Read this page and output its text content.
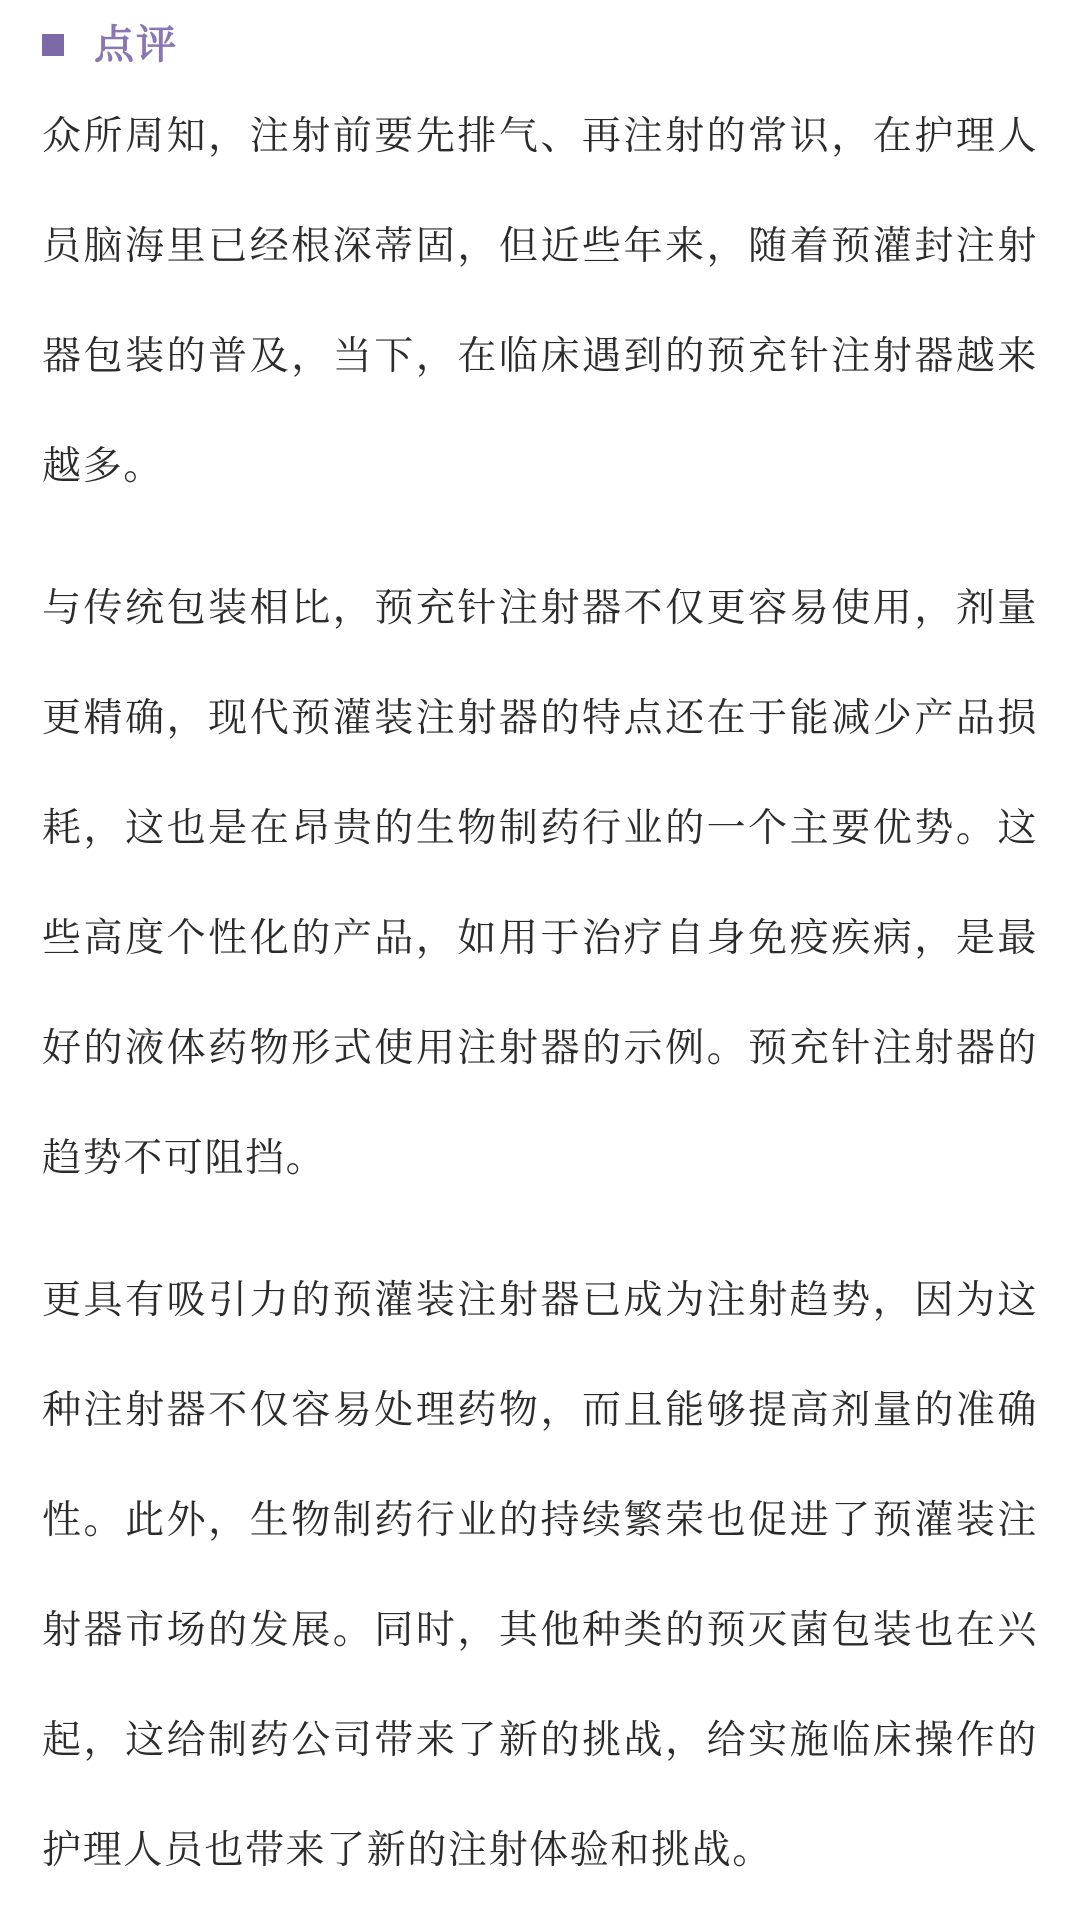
点评

众所周知，注射前要先排气、再注射的常识，在护理人员脑海里已经根深蒂固，但近些年来，随着预灌封注射器包装的普及，当下，在临床遇到的预充针注射器越来越多。

与传统包装相比，预充针注射器不仅更容易使用，剂量更精确，现代预灌装注射器的特点还在于能减少产品损耗，这也是在昂贵的生物制药行业的一个主要优势。这些高度个性化的产品，如用于治疗自身免疫疾病，是最好的液体药物形式使用注射器的示例。预充针注射器的趋势不可阻挡。

更具有吸引力的预灌装注射器已成为注射趋势，因为这种注射器不仅容易处理药物，而且能够提高剂量的准确性。此外，生物制药行业的持续繁荣也促进了预灌装注射器市场的发展。同时，其他种类的预灭菌包装也在兴起，这给制药公司带来了新的挑战，给实施临床操作的护理人员也带来了新的注射体验和挑战。
